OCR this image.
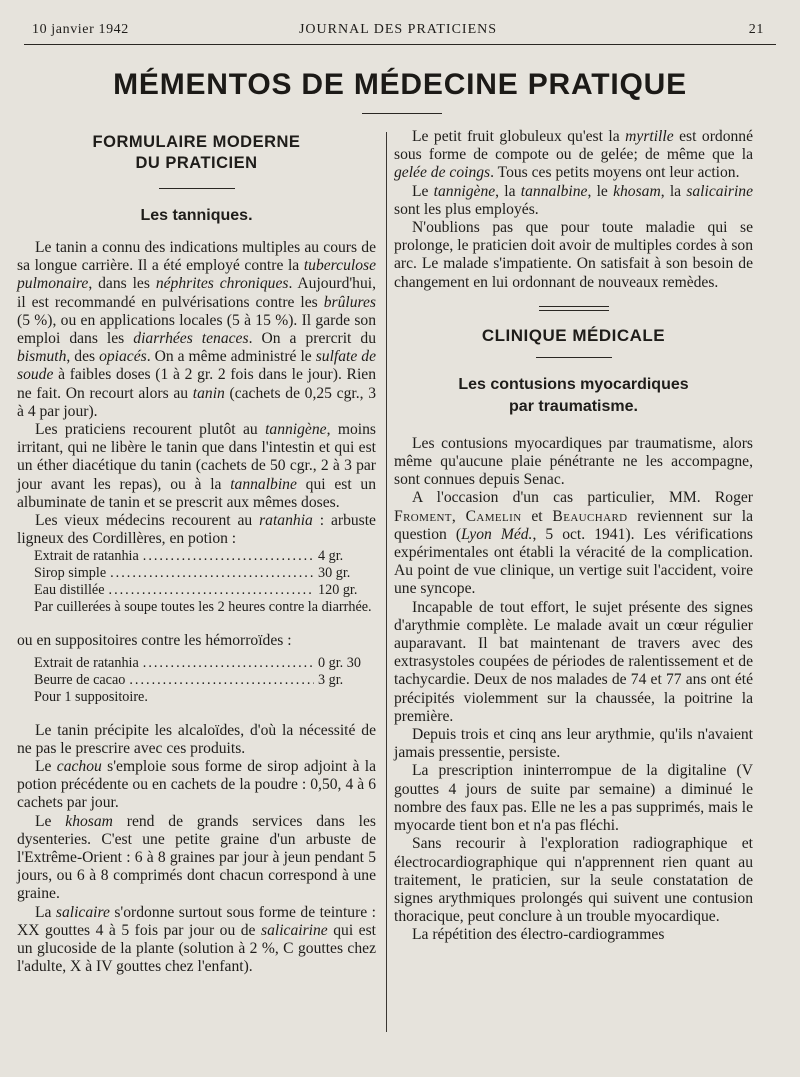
10 janvier 1942	JOURNAL DES PRATICIENS	21
MÉMENTOS DE MÉDECINE PRATIQUE
FORMULAIRE MODERNE
DU PRATICIEN
Les tanniques.

Le tanin a connu des indications multiples au cours de sa longue carrière. Il a été employé contre la tuberculose pulmonaire, dans les néphrites chroniques. Aujourd'hui, il est recommandé en pulvérisations contre les brûlures (5 %), ou en applications locales (5 à 15 %). Il garde son emploi dans les diarrhées tenaces. On a prercrit du bismuth, des opiacés. On a même administré le sulfate de soude à faibles doses (1 à 2 gr. 2 fois dans le jour). Rien ne fait. On recourt alors au tanin (cachets de 0,25 cgr., 3 à 4 par jour).

Les praticiens recourent plutôt au tannigène, moins irritant, qui ne libère le tanin que dans l'intestin et qui est un éther diacétique du tanin (cachets de 50 cgr., 2 à 3 par jour avant les repas), ou à la tannalbine qui est un albuminate de tanin et se prescrit aux mêmes doses.

Les vieux médecins recourent au ratanhia : arbuste ligneux des Cordillères, en potion :

Extrait de ratanhia .....	4 gr.
Sirop simple .....	30 gr.
Eau distillée .....	120 gr.

Par cuillerées à soupe toutes les 2 heures contre la diarrhée.

ou en suppositoires contre les hémorroïdes :

Extrait de ratanhia .....	0 gr. 30
Beurre de cacao .....	3 gr.

Pour 1 suppositoire.

Le tanin précipite les alcaloïdes, d'où la nécessité de ne pas le prescrire avec ces produits.

Le cachou s'emploie sous forme de sirop adjoint à la potion précédente ou en cachets de la poudre : 0,50, 4 à 6 cachets par jour.

Le khosam rend de grands services dans les dysenteries. C'est une petite graine d'un arbuste de l'Extrême-Orient : 6 à 8 graines par jour à jeun pendant 5 jours, ou 6 à 8 comprimés dont chacun correspond à une graine.

La salicaire s'ordonne surtout sous forme de teinture : XX gouttes 4 à 5 fois par jour ou de salicairine qui est un glucoside de la plante (solution à 2 %, C gouttes chez l'adulte, X à IV gouttes chez l'enfant).

Le petit fruit globuleux qu'est la myrtille est ordonné sous forme de compote ou de gelée; de même que la gelée de coings. Tous ces petits moyens ont leur action.

Le tannigène, la tannalbine, le khosam, la salicairine sont les plus employés.

N'oublions pas que pour toute maladie qui se prolonge, le praticien doit avoir de multiples cordes à son arc. Le malade s'impatiente. On satisfait à son besoin de changement en lui ordonnant de nouveaux remèdes.

CLINIQUE MÉDICALE
Les contusions myocardiques
par traumatisme.

Les contusions myocardiques par traumatisme, alors même qu'aucune plaie pénétrante ne les accompagne, sont connues depuis Senac.

A l'occasion d'un cas particulier, MM. Roger Froment, Camelin et Beauchard reviennent sur la question (Lyon Méd., 5 oct. 1941). Les vérifications expérimentales ont établi la véracité de la complication. Au point de vue clinique, un vertige suit l'accident, voire une syncope.

Incapable de tout effort, le sujet présente des signes d'arythmie complète. Le malade avait un cœur régulier auparavant. Il bat maintenant de travers avec des extrasystoles coupées de périodes de ralentissement et de tachycardie. Deux de nos malades de 74 et 77 ans ont été précipités violemment sur la chaussée, la poitrine la première.

Depuis trois et cinq ans leur arythmie, qu'ils n'avaient jamais pressentie, persiste.

La prescription ininterrompue de la digitaline (V gouttes 4 jours de suite par semaine) a diminué le nombre des faux pas. Elle ne les a pas supprimés, mais le myocarde tient bon et n'a pas fléchi.

Sans recourir à l'exploration radiographique et électrocardiographique qui n'apprennent rien quant au traitement, le praticien, sur la seule constatation de signes arythmiques prolongés qui suivent une contusion thoracique, peut conclure à un trouble myocardique.

La répétition des électro-cardiogrammes
